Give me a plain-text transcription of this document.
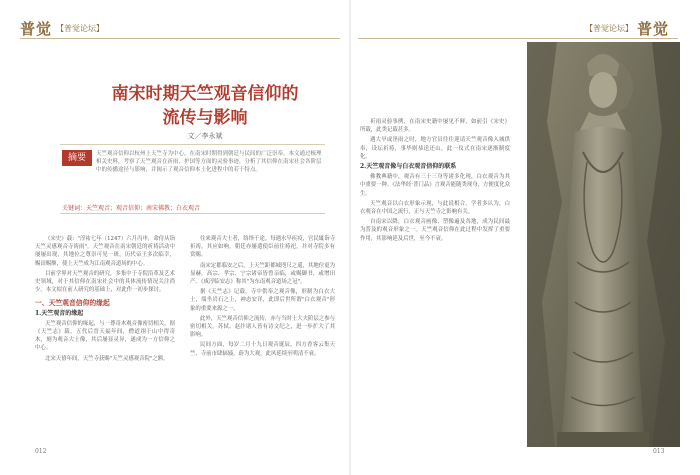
普觉 【普觉论坛】	【普觉论坛】 普觉
南宋时期天竺观音信仰的
流传与影响
文／李永斌
摘要	天竺观音信仰以杭州上天竺寺为中心，在南宋时期得到朝廷与民间的广泛崇奉。本文通过梳理相关史料，考察了天竺观音在祈雨、护国等方面的灵验事迹，分析了其信仰在南宋社会各阶层中的传播途径与影响，并揭示了观音信仰本土化进程中的若干特点。
关键词：天竺观音；观音信仰；南宋佛教；白衣观音

《宋史》载："淳祐七年（1247）六月丙申，命侍从诣天竺灵感观音寺祷雨"。天竺观音在南宋朝廷的祈祷活动中屡屡出现，其地位之尊崇可见一斑。历代帝王多次临幸，赐田赐额，使上天竺成为江南观音道场的中心。

目前学界对天竺观音的研究，多集中于寺院沿革及艺术史领域，对于其信仰在南宋社会中的具体流传情况关注尚少。本文拟在前人研究的基础上，对此作一初步探讨。

一、天竺观音信仰的缘起

1.天竺观音的缘起

天竺观音信仰的缘起，与一尊奇木观音像密切相关。据《天竺志》载，五代后晋天福年间，僧道翊于山中得奇木，刻为观音大士像，其后屡显灵异，遂成为一方信仰之中心。

北宋天禧年间，天竺寺获赐"天竺灵感观音院"之额。

往来观音大士者，络绎于途。每遇水旱疾疫，官民辄诣寺祈祷，其应如响。朝廷亦屡遣使臣前往祷祀，并对寺院多有赏赐。

南宋定都临安之后，上天竺距都城咫尺之遥，其地位更为显赫。高宗、孝宗、宁宗诸帝皆曾亲临，或赐御书，或增田产。《咸淳临安志》称其"为东南观音道场之冠"。

据《天竺志》记载，寺中供奉之观音像，形制为白衣大士，端坐岩石之上，神态安详，此即后世所谓"白衣观音"形象的重要来源之一。

此外，天竺观音信仰之流传，亦与当时士大夫阶层之参与密切相关。苏轼、赵抃诸人皆有诗文纪之，进一步扩大了其影响。

民间方面，每岁二月十九日观音诞辰，四方香客云集天竺，寺前市肆辐辏，蔚为大观，此风延续至明清不衰。

祈雨灵验事例，在南宋史籍中屡见不鲜，如前引《宋史》所载，此类记载甚多。

遇大旱或淫雨之时，地方官员往往迎请天竺观音像入城供奉，设坛祈祷，事毕则恭送还山，此一仪式在南宋逐渐制度化。

2.天竺观音像与白衣观音信仰的联系

佛教典籍中，观音有三十三身等诸多化现，白衣观音为其中重要一种。《法华经·普门品》言观音能随类现身，方便度化众生。

天竺观音以白衣形象示现，与此说相合。学者多认为，白衣观音在中国之流行，正与天竺寺之影响有关。

自南宋以降，白衣观音画像、塑像遍及各地，成为民间最为普及的观音形象之一。天竺观音信仰在此过程中发挥了重要作用，其影响延及后世，至今不衰。

012	013
